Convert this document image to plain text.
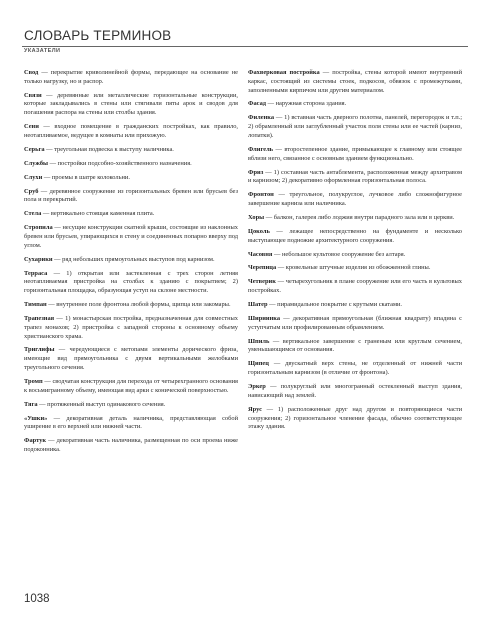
СЛОВАРЬ ТЕРМИНОВ
УКАЗАТЕЛИ

Свод — перекрытие криволинейной формы, передающее на основание не только нагрузку, но и распор.

Связи — деревянные или металлические горизонтальные конструкции, которые закладывались в стены или стягивали пяты арок и сводов для погашения распора на стены или столбы здания.

Сени — входное помещение в гражданских постройках, как правило, неотапливаемое, ведущее в комнаты или прихожую.

Серьга — треугольная подвеска к выступу наличника.

Службы — постройки подсобно-хозяйственного назначения.

Слухи — проемы в шатре колокольни.

Сруб — деревянное сооружение из горизонтальных бревен или брусьев без пола и перекрытий.

Стела — вертикально стоящая каменная плита.

Стропила — несущие конструкции скатной крыши, состоящие из наклонных бревен или брусьев, упирающихся в стену и соединенных попарно вверху под углом.

Сухарики — ряд небольших прямоугольных выступов под карнизом.

Терраса — 1) открытая или застекленная с трех сторон летняя неотапливаемая пристройка на столбах к зданию с покрытием; 2) горизонтальная площадка, образующая уступ на склоне местности.

Тимпан — внутреннее поле фронтона любой формы, щипца или закомары.

Трапезная — 1) монастырская постройка, предназначенная для совместных трапез монахов; 2) пристройка с западной стороны к основному объему христианского храма.

Триглифы — чередующиеся с метопами элементы дорического фриза, имеющие вид прямоугольника с двумя вертикальными желобками треугольного сечения.

Тромп — сводчатая конструкция для перехода от четырехгранного основания к восьмигранному объему, имеющая вид арки с конической поверхностью.

Тяга — протяженный выступ одинакового сечения.

«Ушки» — декоративная деталь наличника, представляющая собой уширение в его верхней или нижней части.

Фартук — декоративная часть наличника, размещенная по оси проема ниже подоконника.

Фахверковая постройка — постройка, стены которой имеют внутренний каркас, состоящий из системы стоек, подкосов, обвязок с промежутками, заполненными кирпичом или другим материалом.

Фасад — наружная сторона здания.

Филенка — 1) вставная часть дверного полотна, панелей, перегородок и т.п.; 2) обрамленный или заглубленный участок поля стены или ее частей (карниз, лопатки).

Флигель — второстепенное здание, примыкающее к главному или стоящее вблизи него, связанное с основным зданием функционально.

Фриз — 1) составная часть антаблемента, расположенная между архитравом и карнизом; 2) декоративно оформленная горизонтальная полоса.

Фронтон — треугольное, полукруглое, лучковое либо сложнофигурное завершение карниза или наличника.

Хоры — балкон, галерея либо лоджия внутри парадного зала или в церкви.

Цоколь — лежащее непосредственно на фундаменте и несколько выступающее подножие архитектурного сооружения.

Часовня — небольшое культовое сооружение без алтаря.

Черепица — кровельные штучные изделия из обожженной глины.

Четверик — четырехугольник в плане сооружение или его часть в культовых постройках.

Шатер — пирамидальное покрытие с крутыми скатами.

Шириинка — декоративная прямоугольная (ближная квадрату) впадина с уступчатым или профилированным обрамлением.

Шпиль — вертикальное завершение с граненым или круглым сечением, уменьшающимся от основания.

Щипец — двускатный верх стены, не отделенный от нижней части горизонтальным карнизом (в отличие от фронтона).

Эркер — полукруглый или многогранный остекленный выступ здания, нависающий над землей.

Ярус — 1) расположенные друг над другом и повторяющиеся части сооружения; 2) горизонтальное членение фасада, обычно соответствующее этажу здания.

1038
